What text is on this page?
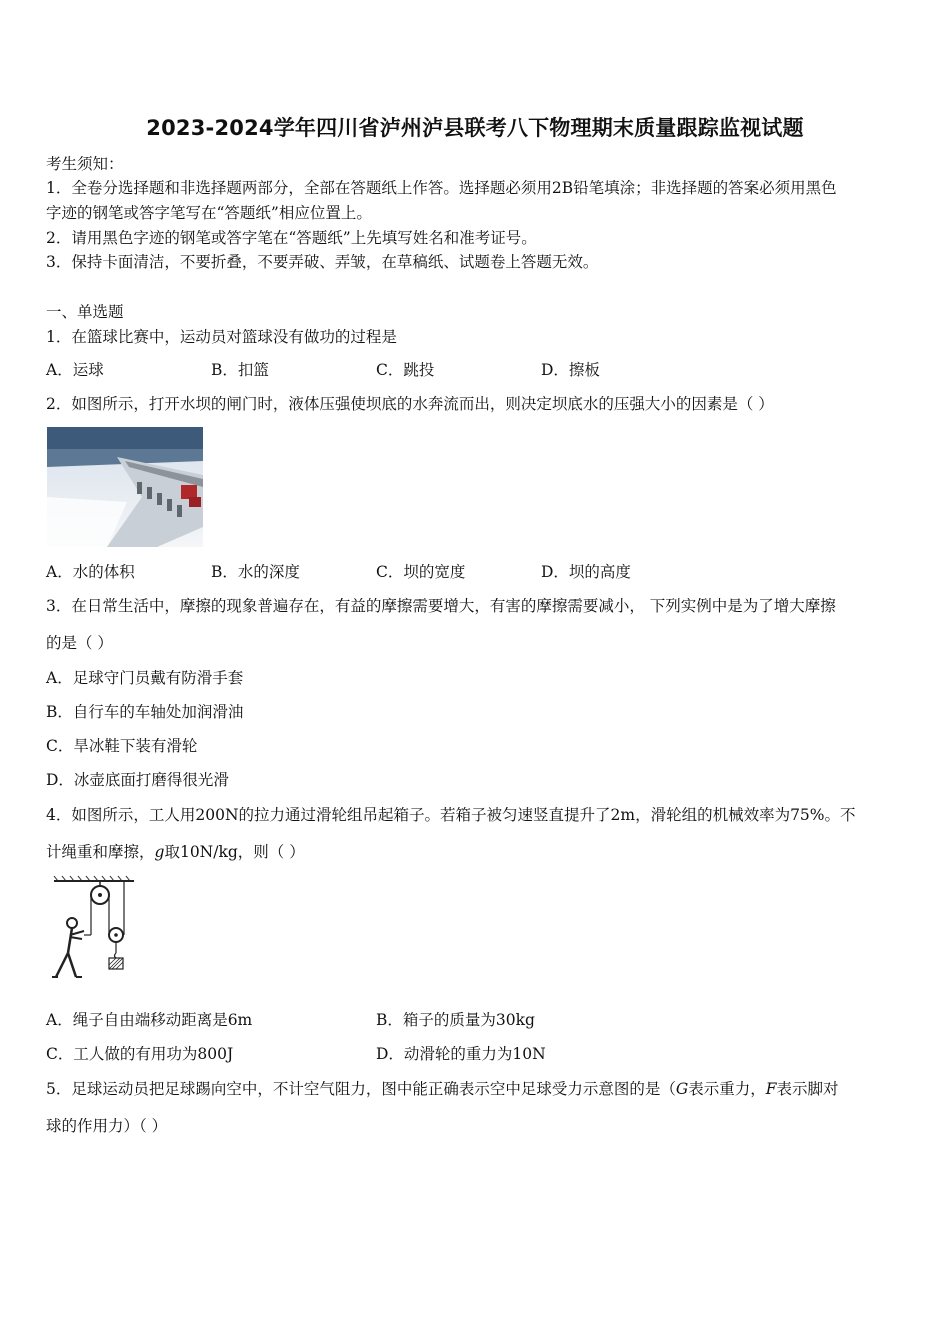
2023-2024学年四川省泸州泸县联考八下物理期末质量跟踪监视试题
考生须知：
1．全卷分选择题和非选择题两部分，全部在答题纸上作答。选择题必须用2B铅笔填涂；非选择题的答案必须用黑色
字迹的钢笔或答字笔写在“答题纸”相应位置上。
2．请用黑色字迹的钢笔或答字笔在“答题纸”上先填写姓名和准考证号。
3．保持卡面清洁，不要折叠，不要弄破、弄皱，在草稿纸、试题卷上答题无效。
一、单选题
1．在篮球比赛中，运动员对篮球没有做功的过程是
A．运球	B．扣篮	C．跳投	D．擦板
2．如图所示，打开水坝的闸门时，液体压强使坝底的水奔流而出，则决定坝底水的压强大小的因素是（ ）
A．水的体积	B．水的深度	C．坝的宽度	D．坝的高度
3．在日常生活中，摩擦的现象普遍存在，有益的摩擦需要增大，有害的摩擦需要减小， 下列实例中是为了增大摩擦
的是（ ）
A．足球守门员戴有防滑手套
B．自行车的车轴处加润滑油
C．旱冰鞋下装有滑轮
D．冰壶底面打磨得很光滑
4．如图所示，工人用200N的拉力通过滑轮组吊起箱子。若箱子被匀速竖直提升了2m，滑轮组的机械效率为75%。不
计绳重和摩擦，g取10N/kg，则（ ）
A．绳子自由端移动距离是6m	B．箱子的质量为30kg
C．工人做的有用功为800J	D．动滑轮的重力为10N
5．足球运动员把足球踢向空中，不计空气阻力，图中能正确表示空中足球受力示意图的是（G表示重力，F表示脚对
球的作用力）（ ）
